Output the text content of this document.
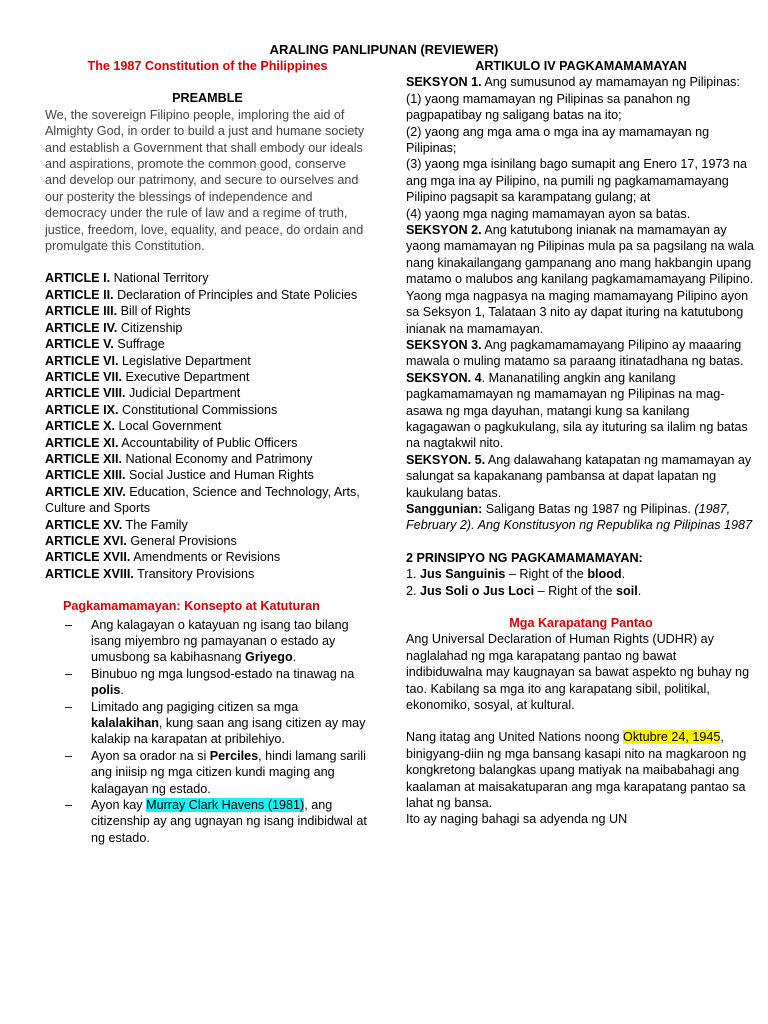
ARALING PANLIPUNAN (REVIEWER)

The 1987 Constitution of the Philippines

PREAMBLE

We, the sovereign Filipino people, imploring the aid of Almighty God, in order to build a just and humane society and establish a Government that shall embody our ideals and aspirations, promote the common good, conserve and develop our patrimony, and secure to ourselves and our posterity the blessings of independence and democracy under the rule of law and a regime of truth, justice, freedom, love, equality, and peace, do ordain and promulgate this Constitution.

ARTICLE I. National Territory

ARTICLE II. Declaration of Principles and State Policies

ARTICLE III. Bill of Rights

ARTICLE IV. Citizenship

ARTICLE V. Suffrage

ARTICLE VI. Legislative Department

ARTICLE VII. Executive Department

ARTICLE VIII. Judicial Department

ARTICLE IX. Constitutional Commissions

ARTICLE X. Local Government

ARTICLE XI. Accountability of Public Officers

ARTICLE XII. National Economy and Patrimony

ARTICLE XIII. Social Justice and Human Rights

ARTICLE XIV. Education, Science and Technology, Arts, Culture and Sports

ARTICLE XV. The Family

ARTICLE XVI. General Provisions

ARTICLE XVII. Amendments or Revisions

ARTICLE XVIII. Transitory Provisions

Pagkamamamayan: Konsepto at Katuturan

– Ang kalagayan o katayuan ng isang tao bilang isang miyembro ng pamayanan o estado ay umusbong sa kabihasnang Griyego.
– Binubuo ng mga lungsod-estado na tinawag na polis.
– Limitado ang pagiging citizen sa mga kalalakihan, kung saan ang isang citizen ay may kalakip na karapatan at pribilehiyo.
– Ayon sa orador na si Perciles, hindi lamang sarili ang iniisip ng mga citizen kundi maging ang kalagayan ng estado.
– Ayon kay Murray Clark Havens (1981), ang citizenship ay ang ugnayan ng isang indibidwal at ng estado.

ARTIKULO IV PAGKAMAMAMAYAN

SEKSYON 1. Ang sumusunod ay mamamayan ng Pilipinas:

(1) yaong mamamayan ng Pilipinas sa panahon ng pagpapatibay ng saligang batas na ito;

(2) yaong ang mga ama o mga ina ay mamamayan ng Pilipinas;

(3) yaong mga isinilang bago sumapit ang Enero 17, 1973 na ang mga ina ay Pilipino, na pumili ng pagkamamamayang Pilipino pagsapit sa karampatang gulang; at

(4) yaong mga naging mamamayan ayon sa batas.

SEKSYON 2. Ang katutubong inianak na mamamayan ay yaong mamamayan ng Pilipinas mula pa sa pagsilang na wala nang kinakailangang gampanang ano mang hakbangin upang matamo o malubos ang kanilang pagkamamamayang Pilipino. Yaong mga nagpasya na maging mamamayang Pilipino ayon sa Seksyon 1, Talataan 3 nito ay dapat ituring na katutubong inianak na mamamayan.

SEKSYON 3. Ang pagkamamamayang Pilipino ay maaaring mawala o muling matamo sa paraang itinatadhana ng batas.

SEKSYON. 4. Mananatiling angkin ang kanilang pagkamamamayan ng mamamayan ng Pilipinas na mag-asawa ng mga dayuhan, matangi kung sa kanilang kagagawan o pagkukulang, sila ay ituturing sa ilalim ng batas na nagtakwil nito.

SEKSYON. 5. Ang dalawahang katapatan ng mamamayan ay salungat sa kapakanang pambansa at dapat lapatan ng kaukulang batas.

Sanggunian: Saligang Batas ng 1987 ng Pilipinas. (1987, February 2). Ang Konstitusyon ng Republika ng Pilipinas 1987

2 PRINSIPYO NG PAGKAMAMAMAYAN:

1. Jus Sanguinis – Right of the blood.

2. Jus Soli o Jus Loci – Right of the soil.

Mga Karapatang Pantao

Ang Universal Declaration of Human Rights (UDHR) ay naglalahad ng mga karapatang pantao ng bawat indibiduwalna may kaugnayan sa bawat aspekto ng buhay ng tao. Kabilang sa mga ito ang karapatang sibil, politikal, ekonomiko, sosyal, at kultural.

Nang itatag ang United Nations noong Oktubre 24, 1945, binigyang-diin ng mga bansang kasapi nito na magkaroon ng kongkretong balangkas upang matiyak na maibabahagi ang kaalaman at maisakatuparan ang mga karapatang pantao sa lahat ng bansa.

Ito ay naging bahagi sa adyenda ng UN
